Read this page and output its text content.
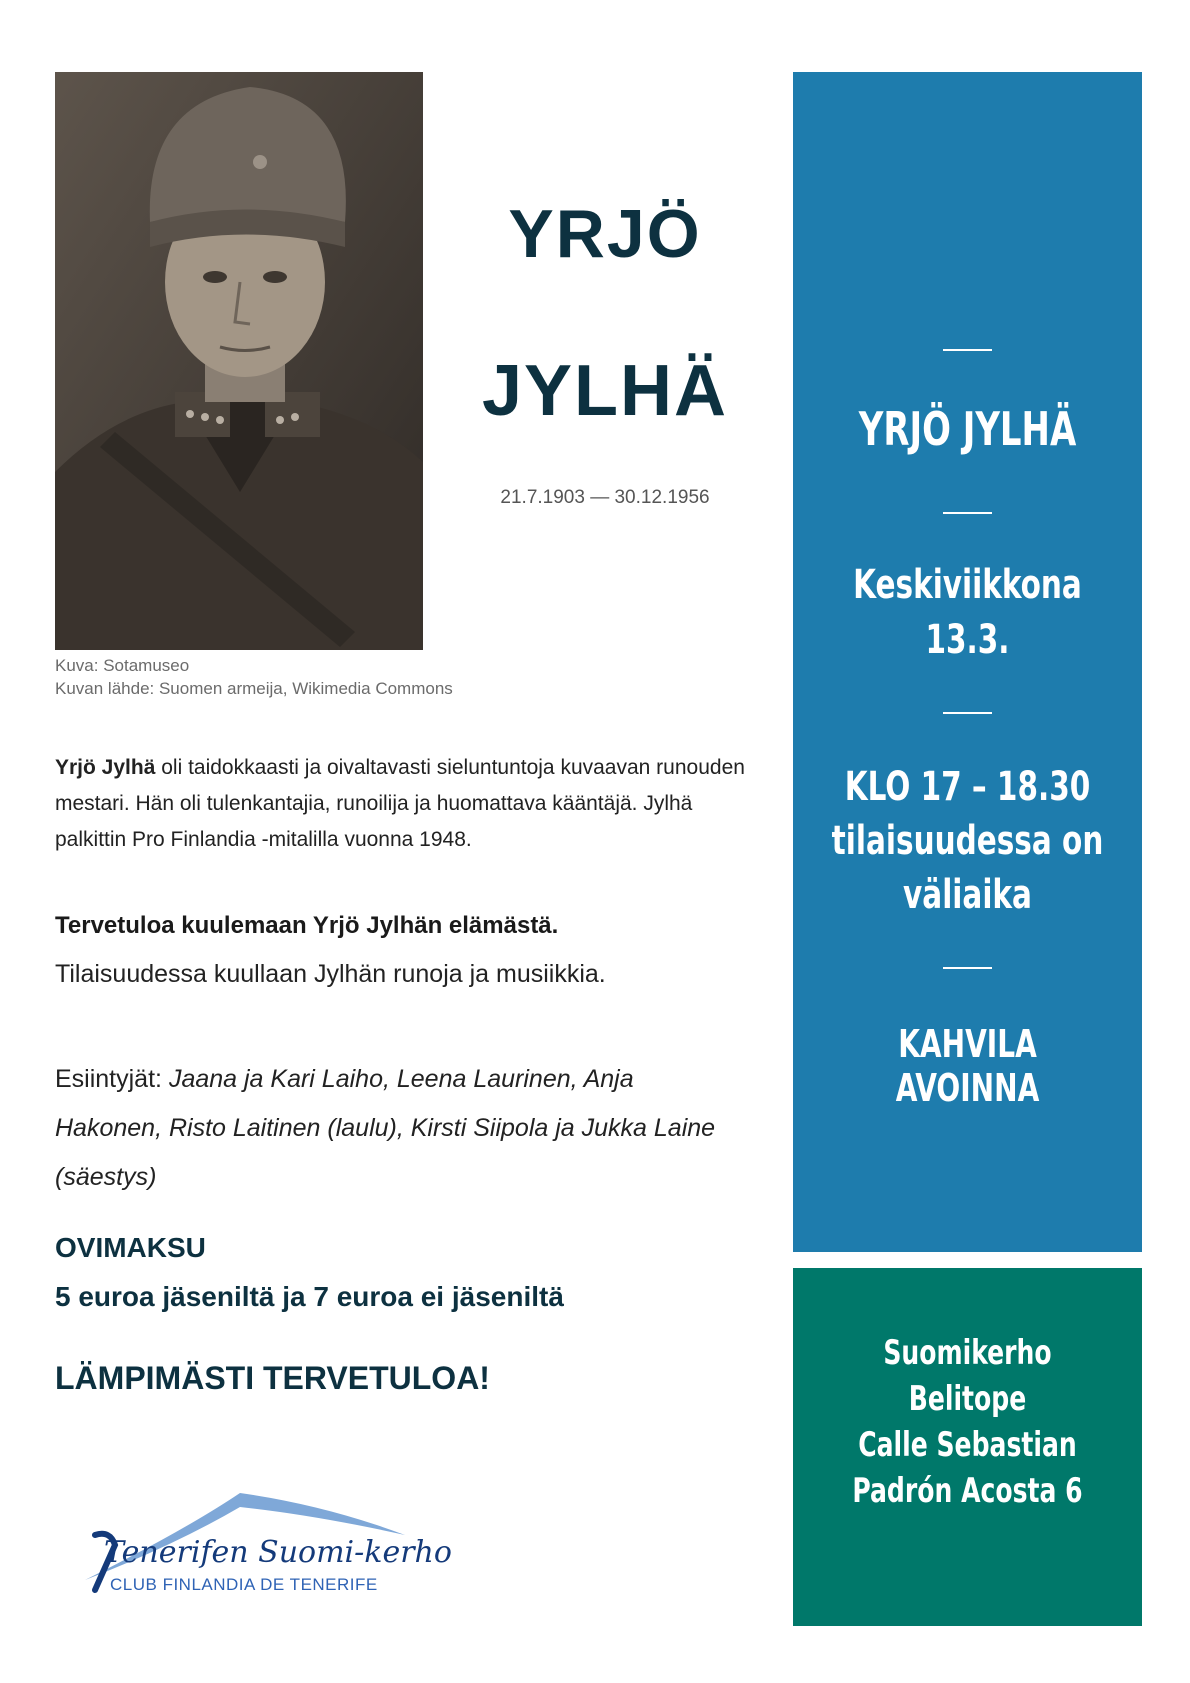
Kuva: Sotamuseo
Kuvan lähde: Suomen armeija, Wikimedia Commons
YRJÖ
JYLHÄ
21.7.1903 — 30.12.1956
Yrjö Jylhä oli taidokkaasti ja oivaltavasti sieluntuntoja kuvaavan runouden mestari. Hän oli tulenkantajia, runoilija ja huomattava kääntäjä. Jylhä palkittin Pro Finlandia -mitalilla vuonna 1948.
Tervetuloa kuulemaan Yrjö Jylhän elämästä.
Tilaisuudessa kuullaan Jylhän runoja ja musiikkia.
Esiintyjät: Jaana ja Kari Laiho, Leena Laurinen, Anja Hakonen, Risto Laitinen (laulu), Kirsti Siipola ja Jukka Laine (säestys)
OVIMAKSU
5 euroa jäseniltä ja 7 euroa ei jäseniltä
LÄMPIMÄSTI TERVETULOA!
Tenerifen Suomi-kerho
CLUB FINLANDIA DE TENERIFE
YRJÖ JYLHÄ
Keskiviikkona
13.3.
KLO 17 – 18.30
tilaisuudessa on
väliaika
KAHVILA AVOINNA
Suomikerho
Belitope
Calle Sebastian
Padrón Acosta 6
